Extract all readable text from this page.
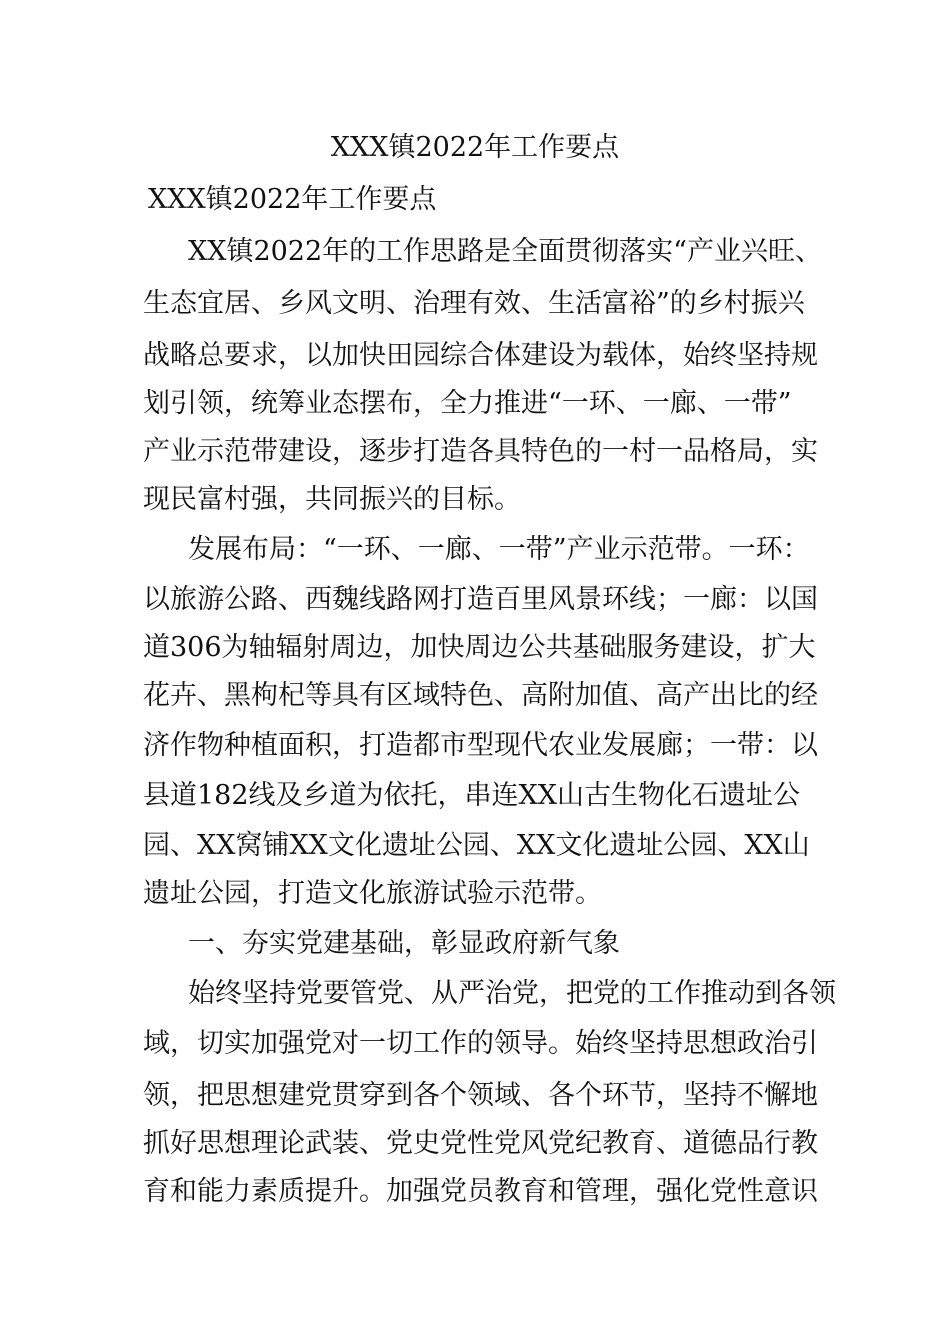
XXX镇2022年工作要点
XXX镇2022年工作要点
XX镇2022年的工作思路是全面贯彻落实“产业兴旺、
生态宜居、乡风文明、治理有效、生活富裕”的乡村振兴
战略总要求，以加快田园综合体建设为载体，始终坚持规
划引领，统筹业态摆布，全力推进“一环、一廊、一带”
产业示范带建设，逐步打造各具特色的一村一品格局，实
现民富村强，共同振兴的目标。
发展布局：“一环、一廊、一带”产业示范带。一环：
以旅游公路、西魏线路网打造百里风景环线；一廊：以国
道306为轴辐射周边，加快周边公共基础服务建设，扩大
花卉、黑枸杞等具有区域特色、高附加值、高产出比的经
济作物种植面积，打造都市型现代农业发展廊；一带：以
县道182线及乡道为依托，串连XX山古生物化石遗址公
园、XX窝铺XX文化遗址公园、XX文化遗址公园、XX山
遗址公园，打造文化旅游试验示范带。
一、夯实党建基础，彰显政府新气象
始终坚持党要管党、从严治党，把党的工作推动到各领
域，切实加强党对一切工作的领导。始终坚持思想政治引
领，把思想建党贯穿到各个领域、各个环节，坚持不懈地
抓好思想理论武装、党史党性党风党纪教育、道德品行教
育和能力素质提升。加强党员教育和管理，强化党性意识
